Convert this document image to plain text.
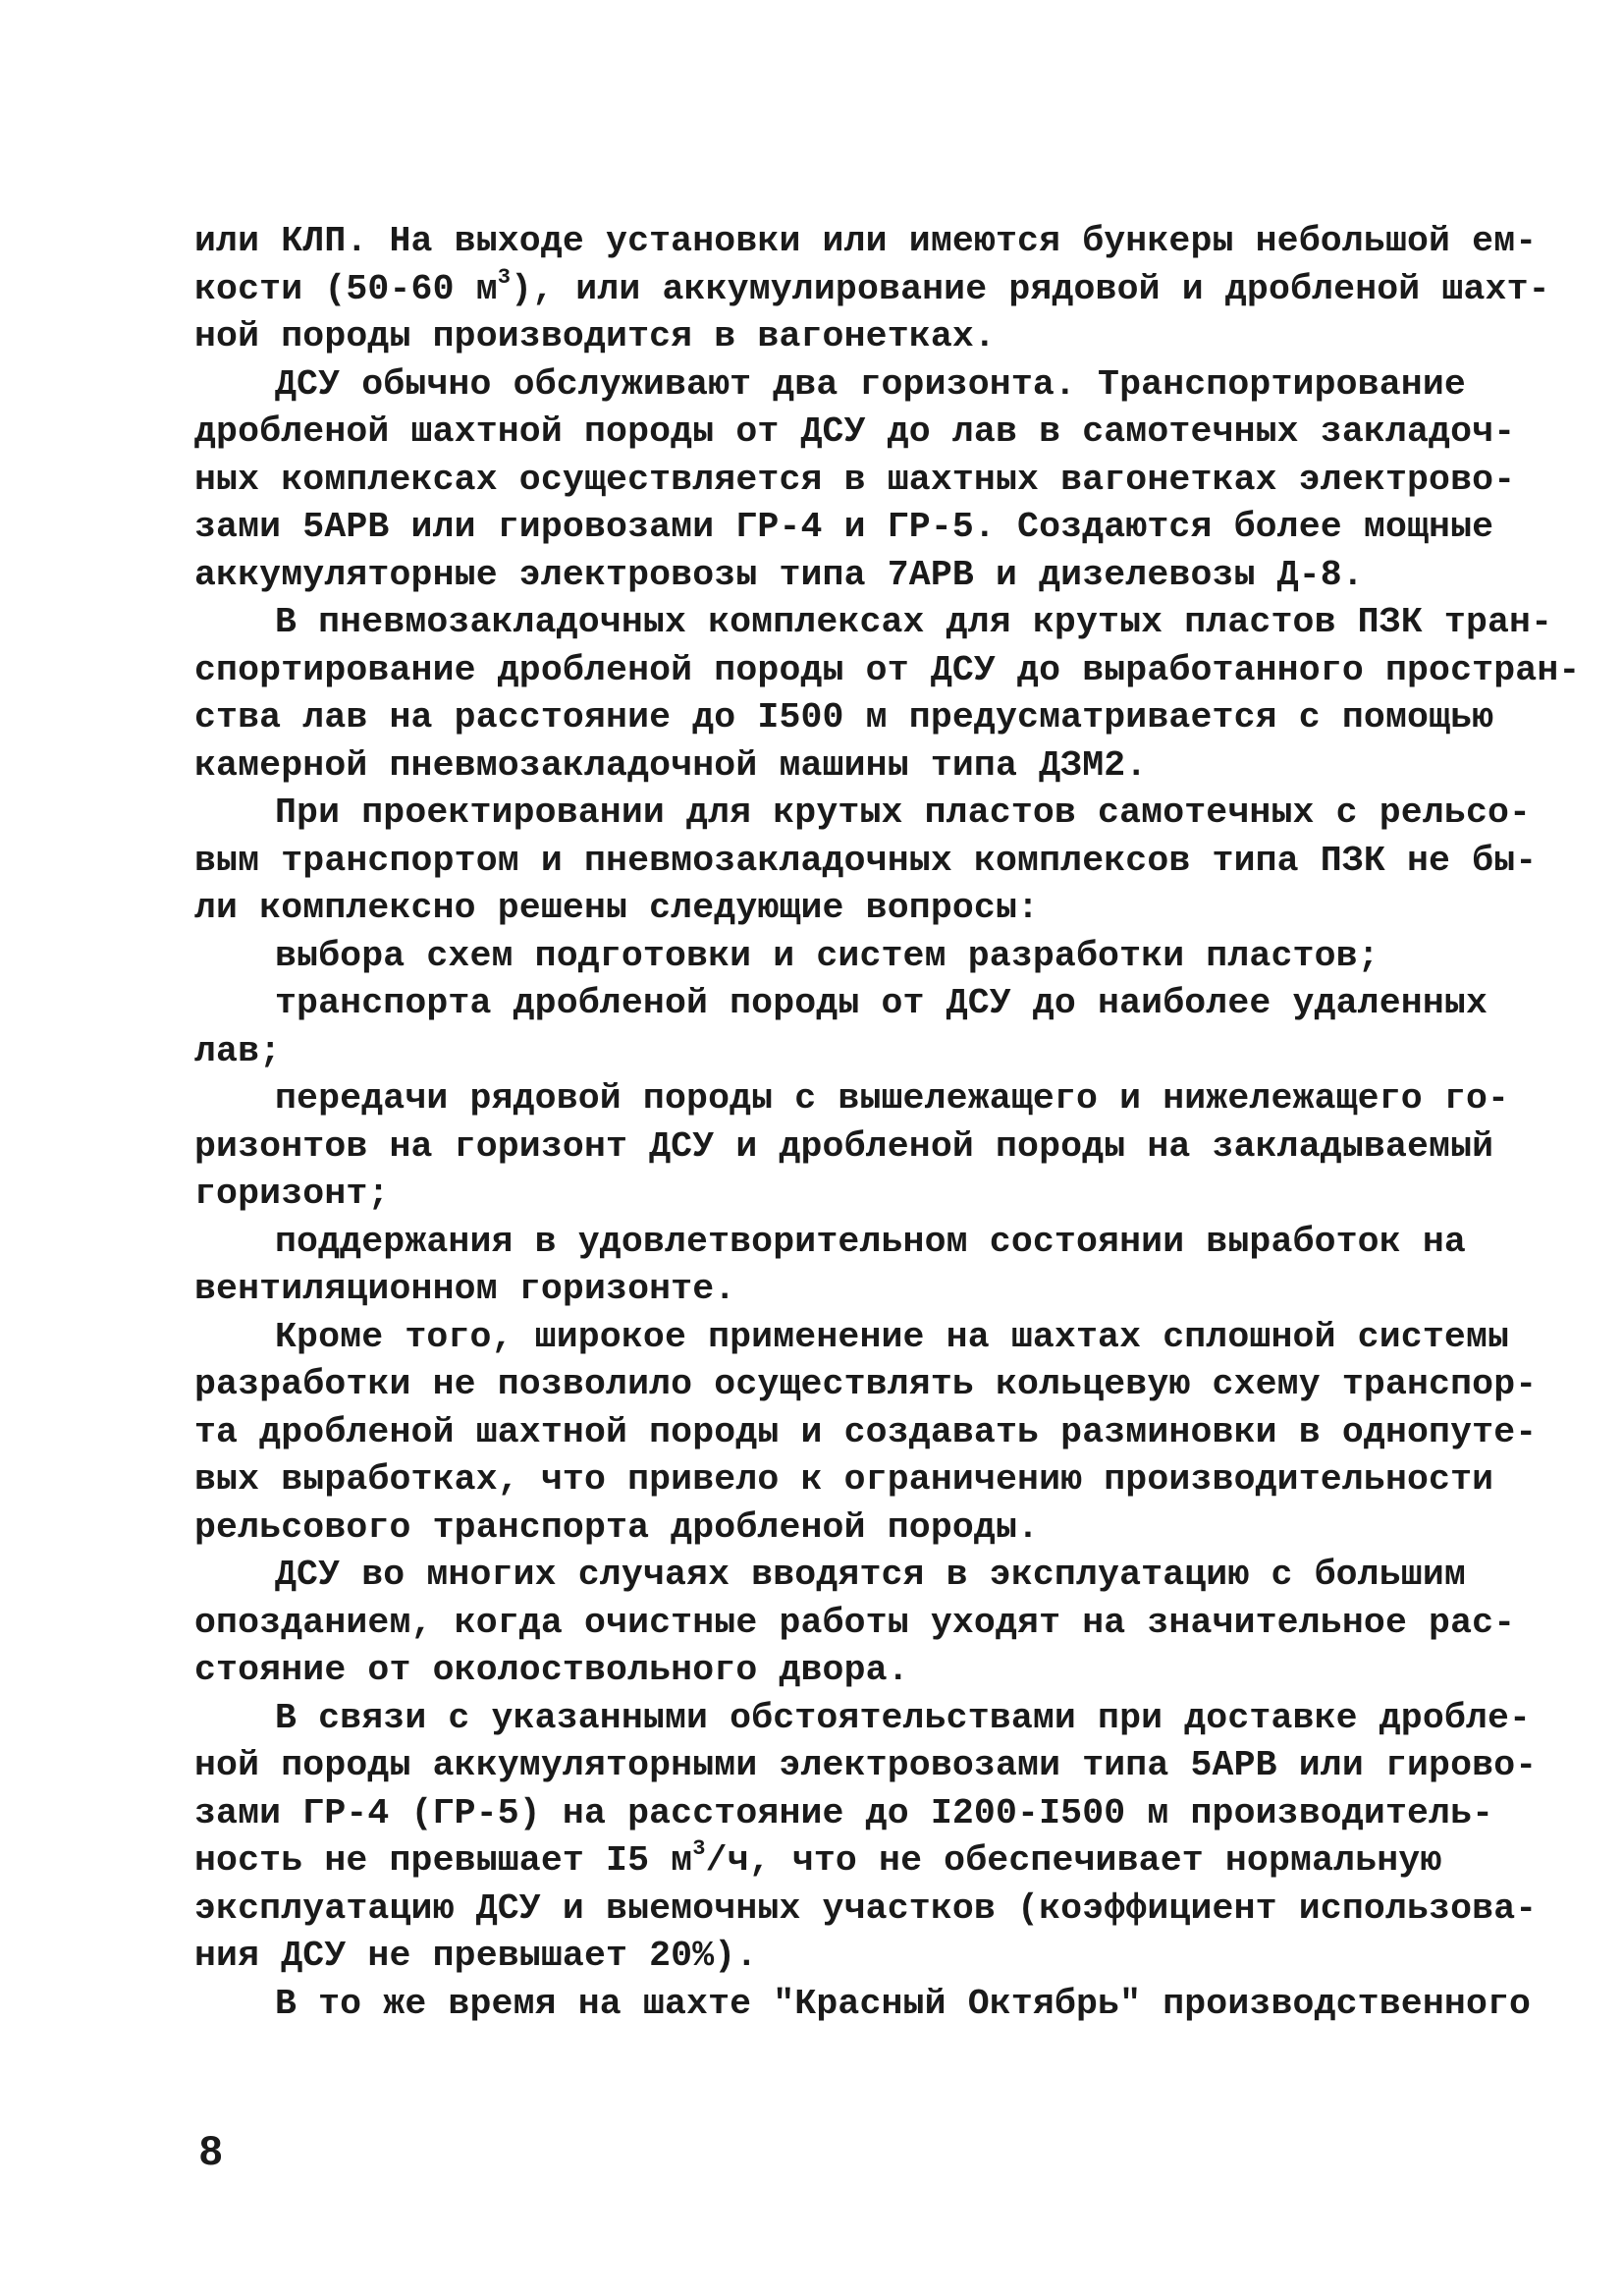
или КЛП. На выходе установки или имеются бункеры небольшой ем-
кости (50-60 $м^3$), или аккумулирование рядовой и дробленой шахт-
ной породы производится в вагонетках.
ДСУ обычно обслуживают два горизонта. Транспортирование
дробленой шахтной породы от ДСУ до лав в самотечных закладоч-
ных комплексах осуществляется в шахтных вагонетках электрово-
зами 5АРВ или гировозами ГР-4 и ГР-5. Создаются более мощные
аккумуляторные электровозы типа 7АРВ и дизелевозы Д-8.
В пневмозакладочных комплексах для крутых пластов ПЗК тран-
спортирование дробленой породы от ДСУ до выработанного простран-
ства лав на расстояние до I500 м предусматривается с помощью
камерной пневмозакладочной машины типа ДЗМ2.
При проектировании для крутых пластов самотечных с рельсо-
вым транспортом и пневмозакладочных комплексов типа ПЗК не бы-
ли комплексно решены следующие вопросы:
выбора схем подготовки и систем разработки пластов;
транспорта дробленой породы от ДСУ до наиболее удаленных
лав;
передачи рядовой породы с вышележащего и нижележащего го-
ризонтов на горизонт ДСУ и дробленой породы на закладываемый
горизонт;
поддержания в удовлетворительном состоянии выработок на
вентиляционном горизонте.
Кроме того, широкое применение на шахтах сплошной системы
разработки не позволило осуществлять кольцевую схему транспор-
та дробленой шахтной породы и создавать разминовки в однопуте-
вых выработках, что привело к ограничению производительности
рельсового транспорта дробленой породы.
ДСУ во многих случаях вводятся в эксплуатацию с большим
опозданием, когда очистные работы уходят на значительное рас-
стояние от околоствольного двора.
В связи с указанными обстоятельствами при доставке дробле-
ной породы аккумуляторными электровозами типа 5АРВ или гирово-
зами ГР-4 (ГР-5) на расстояние до I200-I500 м производитель-
ность не превышает I5 $м^3/ч$, что не обеспечивает нормальную
эксплуатацию ДСУ и выемочных участков (коэффициент использова-
ния ДСУ не превышает 20%).
В то же время на шахте "Красный Октябрь" производственного
8
